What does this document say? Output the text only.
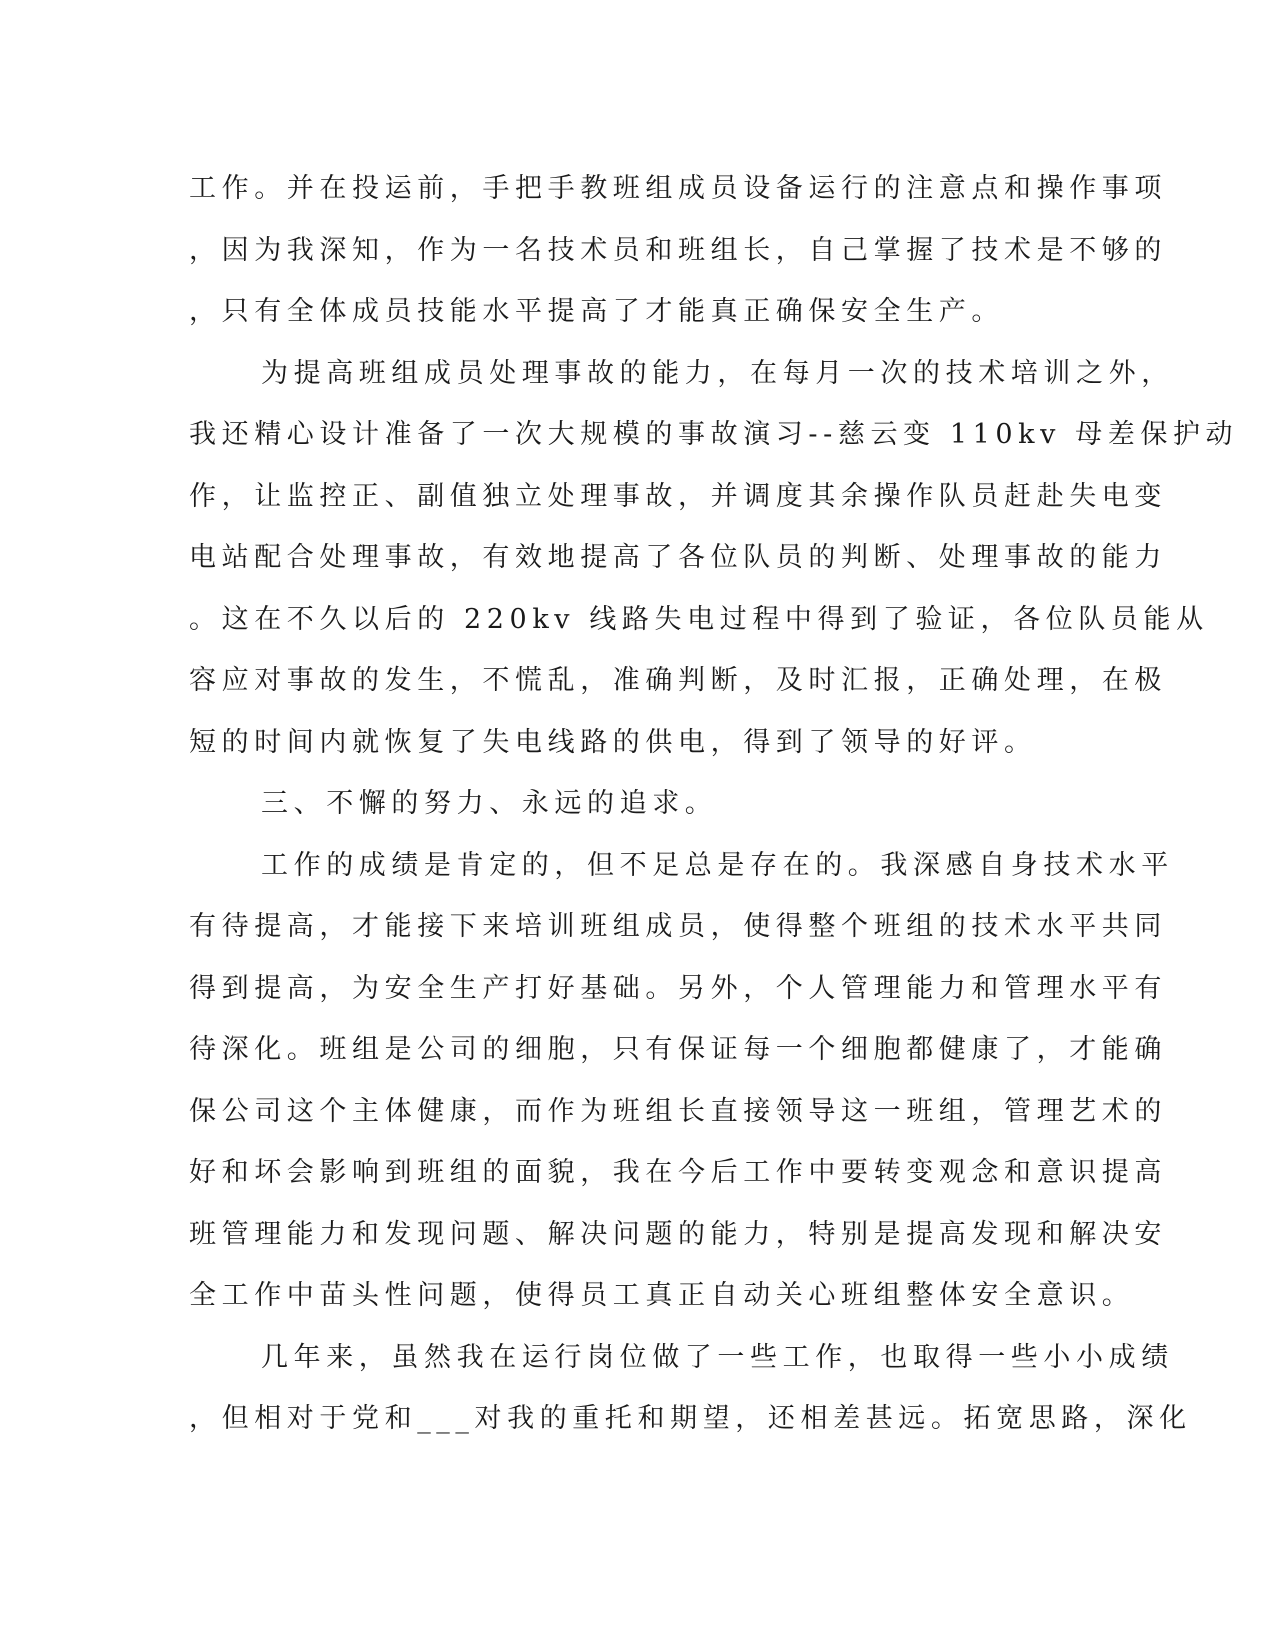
工作。并在投运前，手把手教班组成员设备运行的注意点和操作事项
，因为我深知，作为一名技术员和班组长，自己掌握了技术是不够的
，只有全体成员技能水平提高了才能真正确保安全生产。
为提高班组成员处理事故的能力，在每月一次的技术培训之外，
我还精心设计准备了一次大规模的事故演习--慈云变 110kv 母差保护动
作，让监控正、副值独立处理事故，并调度其余操作队员赶赴失电变
电站配合处理事故，有效地提高了各位队员的判断、处理事故的能力
。这在不久以后的 220kv 线路失电过程中得到了验证，各位队员能从
容应对事故的发生，不慌乱，准确判断，及时汇报，正确处理，在极
短的时间内就恢复了失电线路的供电，得到了领导的好评。
三、不懈的努力、永远的追求。
工作的成绩是肯定的，但不足总是存在的。我深感自身技术水平
有待提高，才能接下来培训班组成员，使得整个班组的技术水平共同
得到提高，为安全生产打好基础。另外，个人管理能力和管理水平有
待深化。班组是公司的细胞，只有保证每一个细胞都健康了，才能确
保公司这个主体健康，而作为班组长直接领导这一班组，管理艺术的
好和坏会影响到班组的面貌，我在今后工作中要转变观念和意识提高
班管理能力和发现问题、解决问题的能力，特别是提高发现和解决安
全工作中苗头性问题，使得员工真正自动关心班组整体安全意识。
几年来，虽然我在运行岗位做了一些工作，也取得一些小小成绩
，但相对于党和___对我的重托和期望，还相差甚远。拓宽思路，深化
